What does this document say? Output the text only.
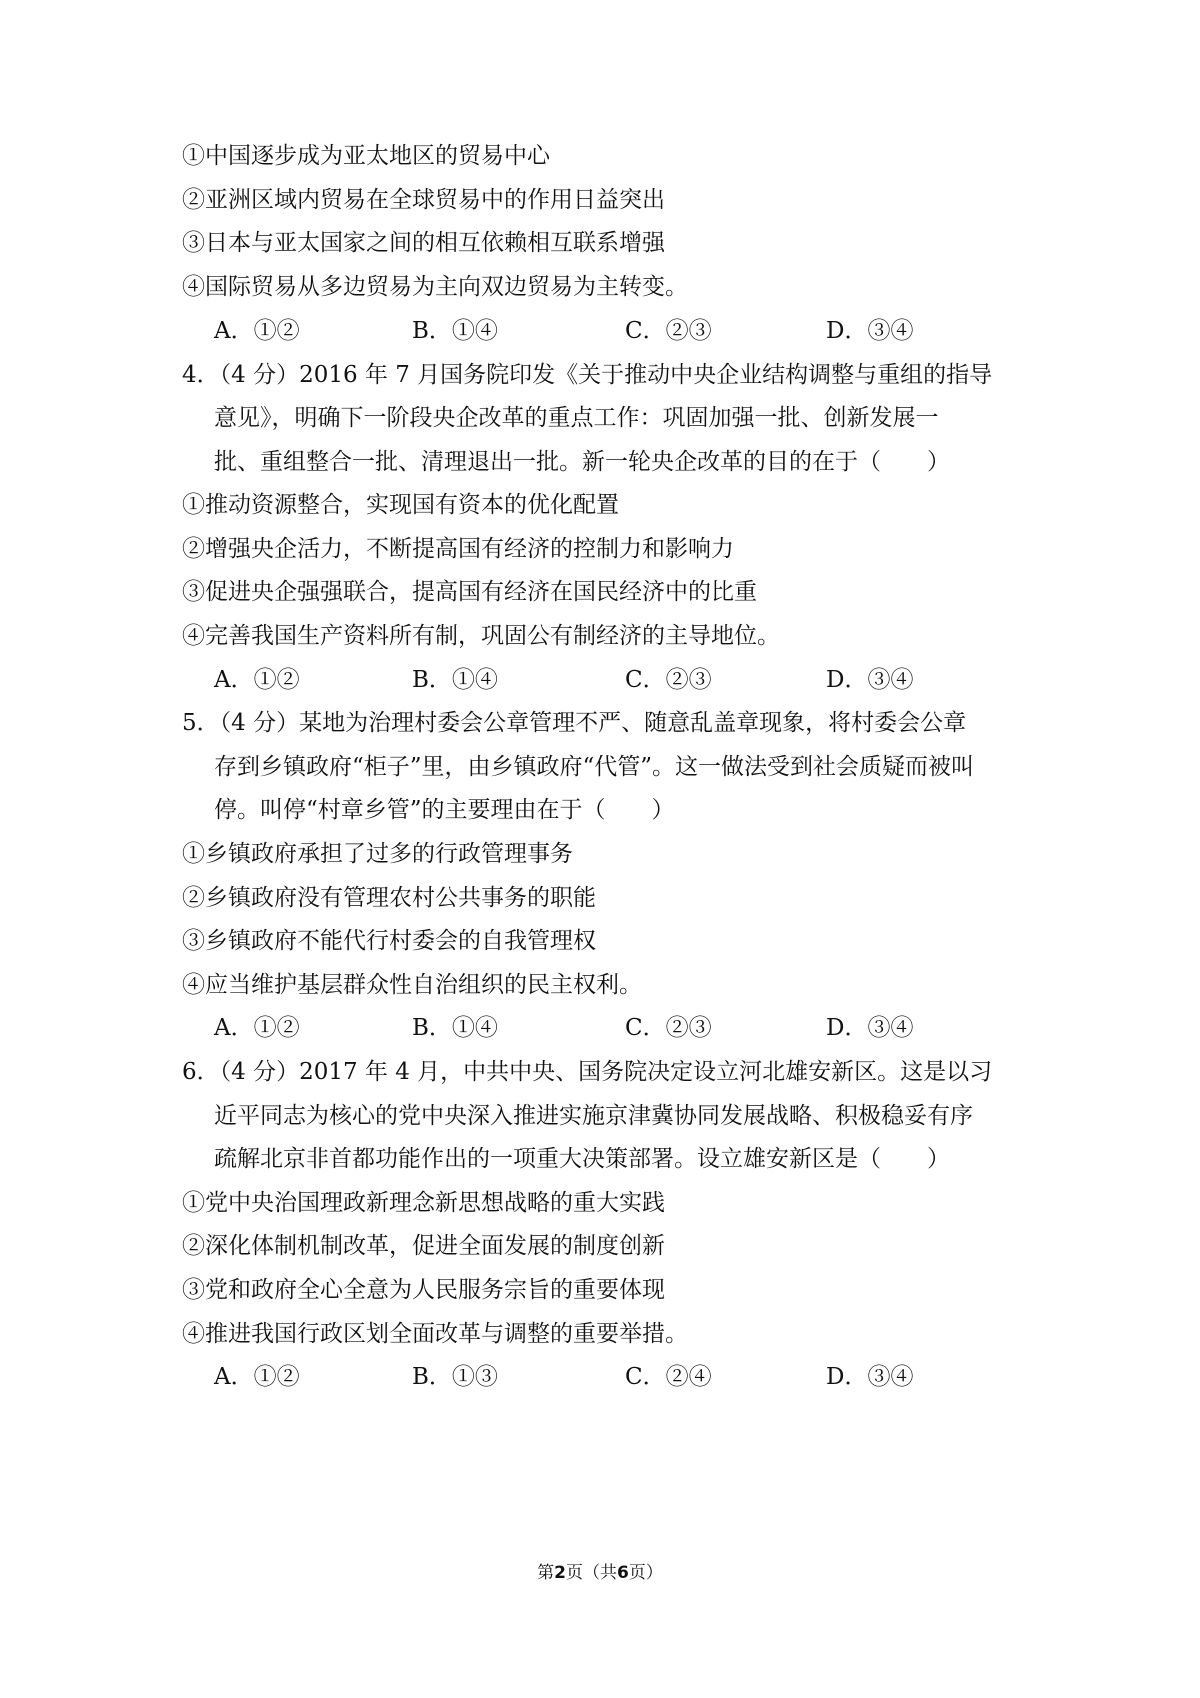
①中国逐步成为亚太地区的贸易中心
②亚洲区域内贸易在全球贸易中的作用日益突出
③日本与亚太国家之间的相互依赖相互联系增强
④国际贸易从多边贸易为主向双边贸易为主转变。
A．①②	B．①④	C．②③	D．③④
4．（4 分）2016 年 7 月国务院印发《关于推动中央企业结构调整与重组的指导
意见》，明确下一阶段央企改革的重点工作：巩固加强一批、创新发展一
批、重组整合一批、清理退出一批。新一轮央企改革的目的在于（　　）
①推动资源整合，实现国有资本的优化配置
②增强央企活力，不断提高国有经济的控制力和影响力
③促进央企强强联合，提高国有经济在国民经济中的比重
④完善我国生产资料所有制，巩固公有制经济的主导地位。
A．①②	B．①④	C．②③	D．③④
5．（4 分）某地为治理村委会公章管理不严、随意乱盖章现象，将村委会公章
存到乡镇政府“柜子”里，由乡镇政府“代管”。这一做法受到社会质疑而被叫
停。叫停“村章乡管”的主要理由在于（　　）
①乡镇政府承担了过多的行政管理事务
②乡镇政府没有管理农村公共事务的职能
③乡镇政府不能代行村委会的自我管理权
④应当维护基层群众性自治组织的民主权利。
A．①②	B．①④	C．②③	D．③④
6．（4 分）2017 年 4 月，中共中央、国务院决定设立河北雄安新区。这是以习
近平同志为核心的党中央深入推进实施京津冀协同发展战略、积极稳妥有序
疏解北京非首都功能作出的一项重大决策部署。设立雄安新区是（　　）
①党中央治国理政新理念新思想战略的重大实践
②深化体制机制改革，促进全面发展的制度创新
③党和政府全心全意为人民服务宗旨的重要体现
④推进我国行政区划全面改革与调整的重要举措。
A．①②	B．①③	C．②④	D．③④
第2页（共6页）
